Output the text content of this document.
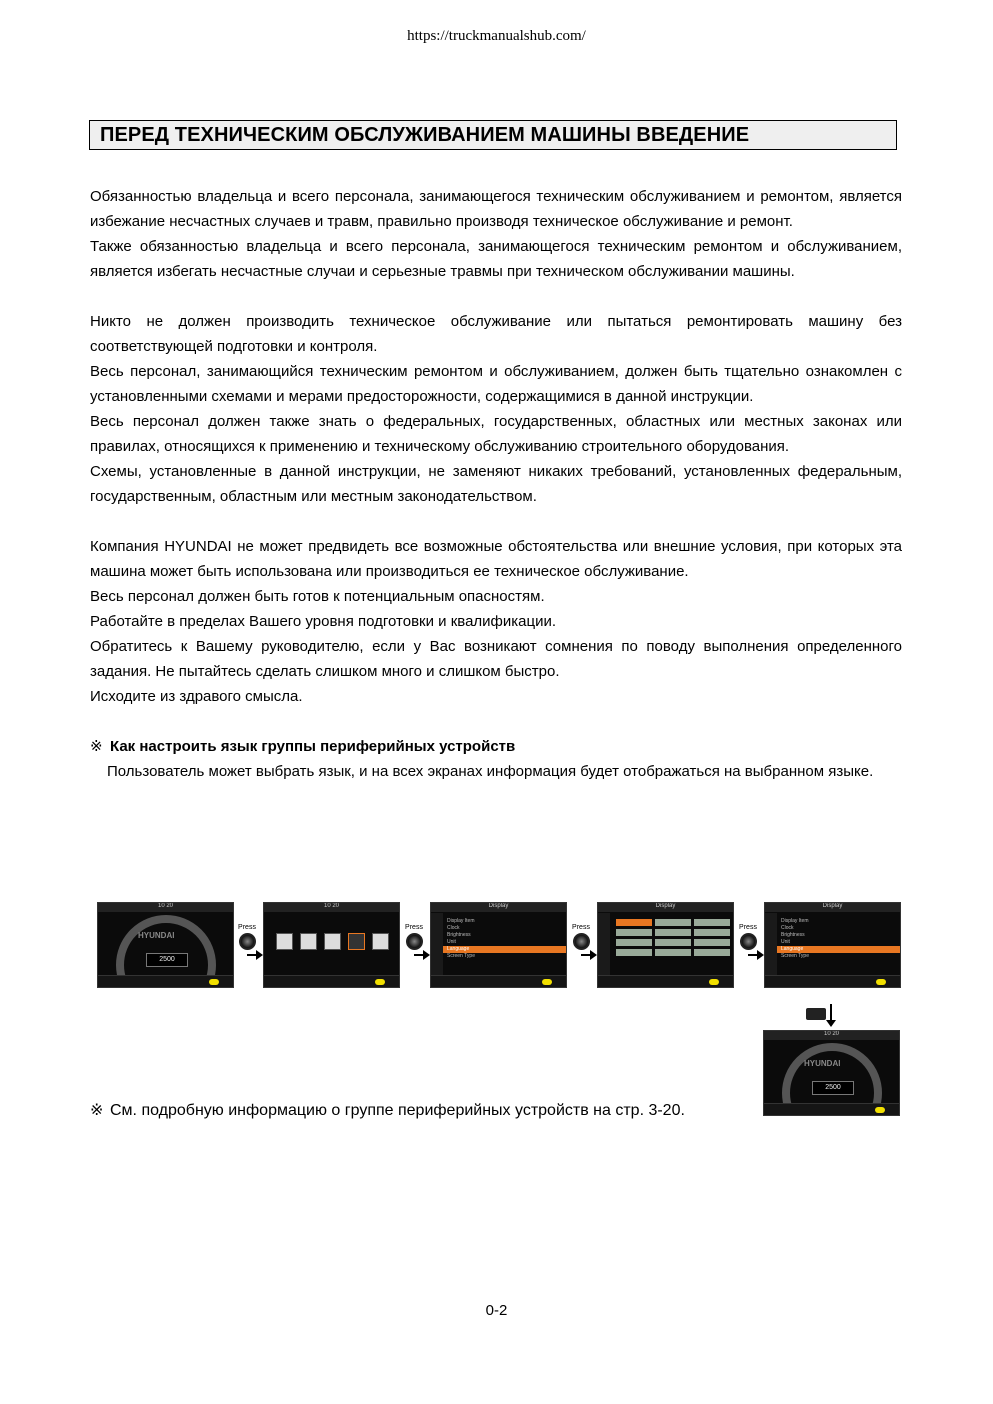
https://truckmanualshub.com/
ПЕРЕД ТЕХНИЧЕСКИМ ОБСЛУЖИВАНИЕМ МАШИНЫ ВВЕДЕНИЕ

Обязанностью владельца и всего персонала, занимающегося техническим обслуживанием и ремонтом, является избежание несчастных случаев и травм, правильно производя техническое обслуживание и ремонт.

Также обязанностью владельца и всего персонала, занимающегося техническим ремонтом и обслуживанием, является избегать несчастные случаи и серьезные травмы при техническом обслуживании машины.

Никто не должен производить техническое обслуживание или пытаться ремонтировать машину без соответствующей подготовки и контроля.

Весь персонал, занимающийся техническим ремонтом и обслуживанием, должен быть тщательно ознакомлен с установленными схемами и мерами предосторожности, содержащимися в данной инструкции.

Весь персонал должен также знать о федеральных, государственных, областных или местных законах или правилах, относящихся к применению и техническому обслуживанию строительного оборудования.

Схемы, установленные в данной инструкции, не заменяют никаких требований, установленных федеральным, государственным, областным или местным законодательством.

Компания HYUNDAI не может предвидеть все возможные обстоятельства или внешние условия, при которых эта машина может быть использована или производиться ее техническое обслуживание.

Весь персонал должен быть готов к потенциальным опасностям.

Работайте в пределах Вашего уровня подготовки и квалификации.

Обратитесь к Вашему руководителю, если у Вас возникают сомнения по поводу выполнения определенного задания. Не пытайтесь сделать слишком много и слишком быстро.

Исходите из здравого смысла.

※ Как настроить язык группы периферийных устройств

Пользователь может выбрать язык, и на всех экранах информация будет отображаться на выбранном языке.

10 20
2500
HYUNDAI
Press
10 20
Press
Display
Display Item
Clock
Brightness
Unit
Language
Screen Type
Press
Display
Press
Display
Display Item
Clock
Brightness
Unit
Language
Screen Type
10 20
2500
HYUNDAI
※ См. подробную информацию о группе периферийных устройств на стр. 3-20.
0-2
